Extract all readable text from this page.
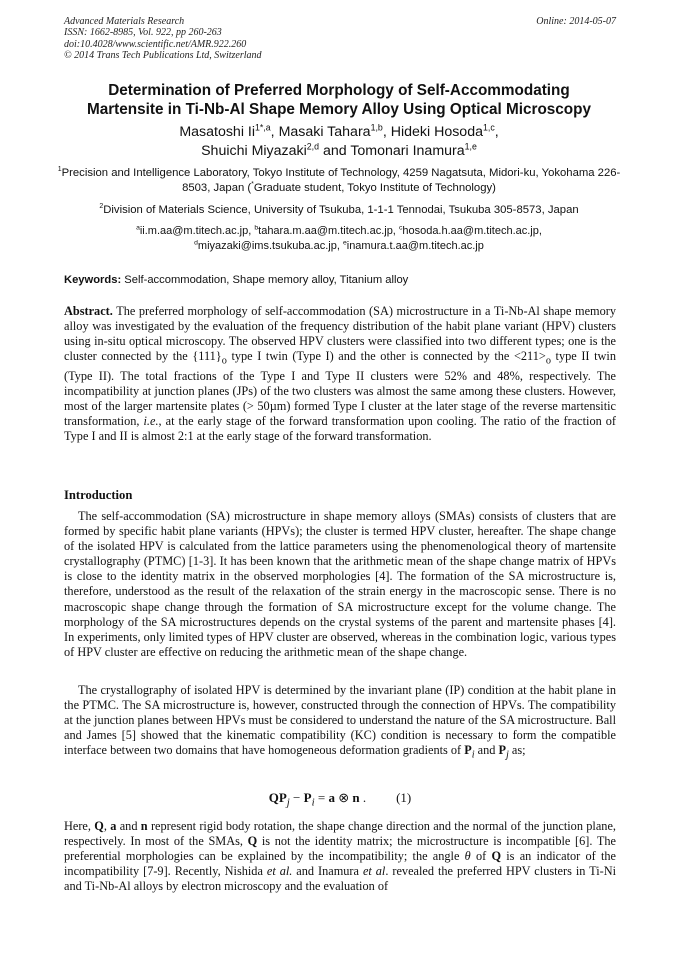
Advanced Materials Research
ISSN: 1662-8985, Vol. 922, pp 260-263
doi:10.4028/www.scientific.net/AMR.922.260
© 2014 Trans Tech Publications Ltd, Switzerland
Online: 2014-05-07
Determination of Preferred Morphology of Self-Accommodating
Martensite in Ti-Nb-Al Shape Memory Alloy Using Optical Microscopy
Masatoshi $Ii^{1*,a}$, Masaki Tahara$^{1,b}$, Hideki Hosoda$^{1,c}$,
Shuichi Miyazaki$^{2,d}$ and Tomonari Inamura$^{1,e}$
$^1$Precision and Intelligence Laboratory, Tokyo Institute of Technology, 4259 Nagatsuta, Midori-ku, Yokohama 226-8503, Japan (*Graduate student, Tokyo Institute of Technology)
$^2$Division of Materials Science, University of Tsukuba, 1-1-1 Tennodai, Tsukuba 305-8573, Japan
$^a$ii.m.aa@m.titech.ac.jp, $^b$tahara.m.aa@m.titech.ac.jp, $^c$hosoda.h.aa@m.titech.ac.jp,
$^d$miyazaki@ims.tsukuba.ac.jp, $^e$inamura.t.aa@m.titech.ac.jp
Keywords: Self-accommodation, Shape memory alloy, Titanium alloy
Abstract. The preferred morphology of self-accommodation (SA) microstructure in a Ti-Nb-Al shape memory alloy was investigated by the evaluation of the frequency distribution of the habit plane variant (HPV) clusters using in-situ optical microscopy. The observed HPV clusters were classified into two different types; one is the cluster connected by the $\{111\}_o$ type I twin (Type I) and the other is connected by the $<211>_o$ type II twin (Type II). The total fractions of the Type I and Type II clusters were 52% and 48%, respectively. The incompatibility at junction planes (JPs) of the two clusters was almost the same among these clusters. However, most of the larger martensite plates (> 50µm) formed Type I cluster at the later stage of the reverse martensitic transformation, i.e., at the early stage of the forward transformation upon cooling. The ratio of the fraction of Type I and II is almost 2:1 at the early stage of the forward transformation.
Introduction
The self-accommodation (SA) microstructure in shape memory alloys (SMAs) consists of clusters that are formed by specific habit plane variants (HPVs); the cluster is termed HPV cluster, hereafter. The shape change of the isolated HPV is calculated from the lattice parameters using the phenomenological theory of martensite crystallography (PTMC) [1-3]. It has been known that the arithmetic mean of the shape change matrix of HPVs is close to the identity matrix in the observed morphologies [4]. The formation of the SA microstructure is, therefore, understood as the result of the relaxation of the strain energy in the macroscopic sense. There is no macroscopic shape change through the formation of SA microstructure except for the volume change. The morphology of the SA microstructures depends on the crystal systems of the parent and martensite phases [4]. In experiments, only limited types of HPV cluster are observed, whereas in the combination logic, various types of HPV cluster are effective on reducing the arithmetic mean of the shape change.
The crystallography of isolated HPV is determined by the invariant plane (IP) condition at the habit plane in the PTMC. The SA microstructure is, however, constructed through the connection of HPVs. The compatibility at the junction planes between HPVs must be considered to understand the nature of the SA microstructure. Ball and James [5] showed that the kinematic compatibility (KC) condition is necessary to form the compatible interface between two domains that have homogeneous deformation gradients of $P_i$ and $P_j$ as;
$QP_j - P_i = a$ ⊗ n . (1)
Here, Q, a and n represent rigid body rotation, the shape change direction and the normal of the junction plane, respectively. In most of the SMAs, Q is not the identity matrix; the microstructure is incompatible [6]. The preferential morphologies can be explained by the incompatibility; the angle θ of Q is an indicator of the incompatibility [7-9]. Recently, Nishida et al. and Inamura et al. revealed the preferred HPV clusters in Ti-Ni and Ti-Nb-Al alloys by electron microscopy and the evaluation of
